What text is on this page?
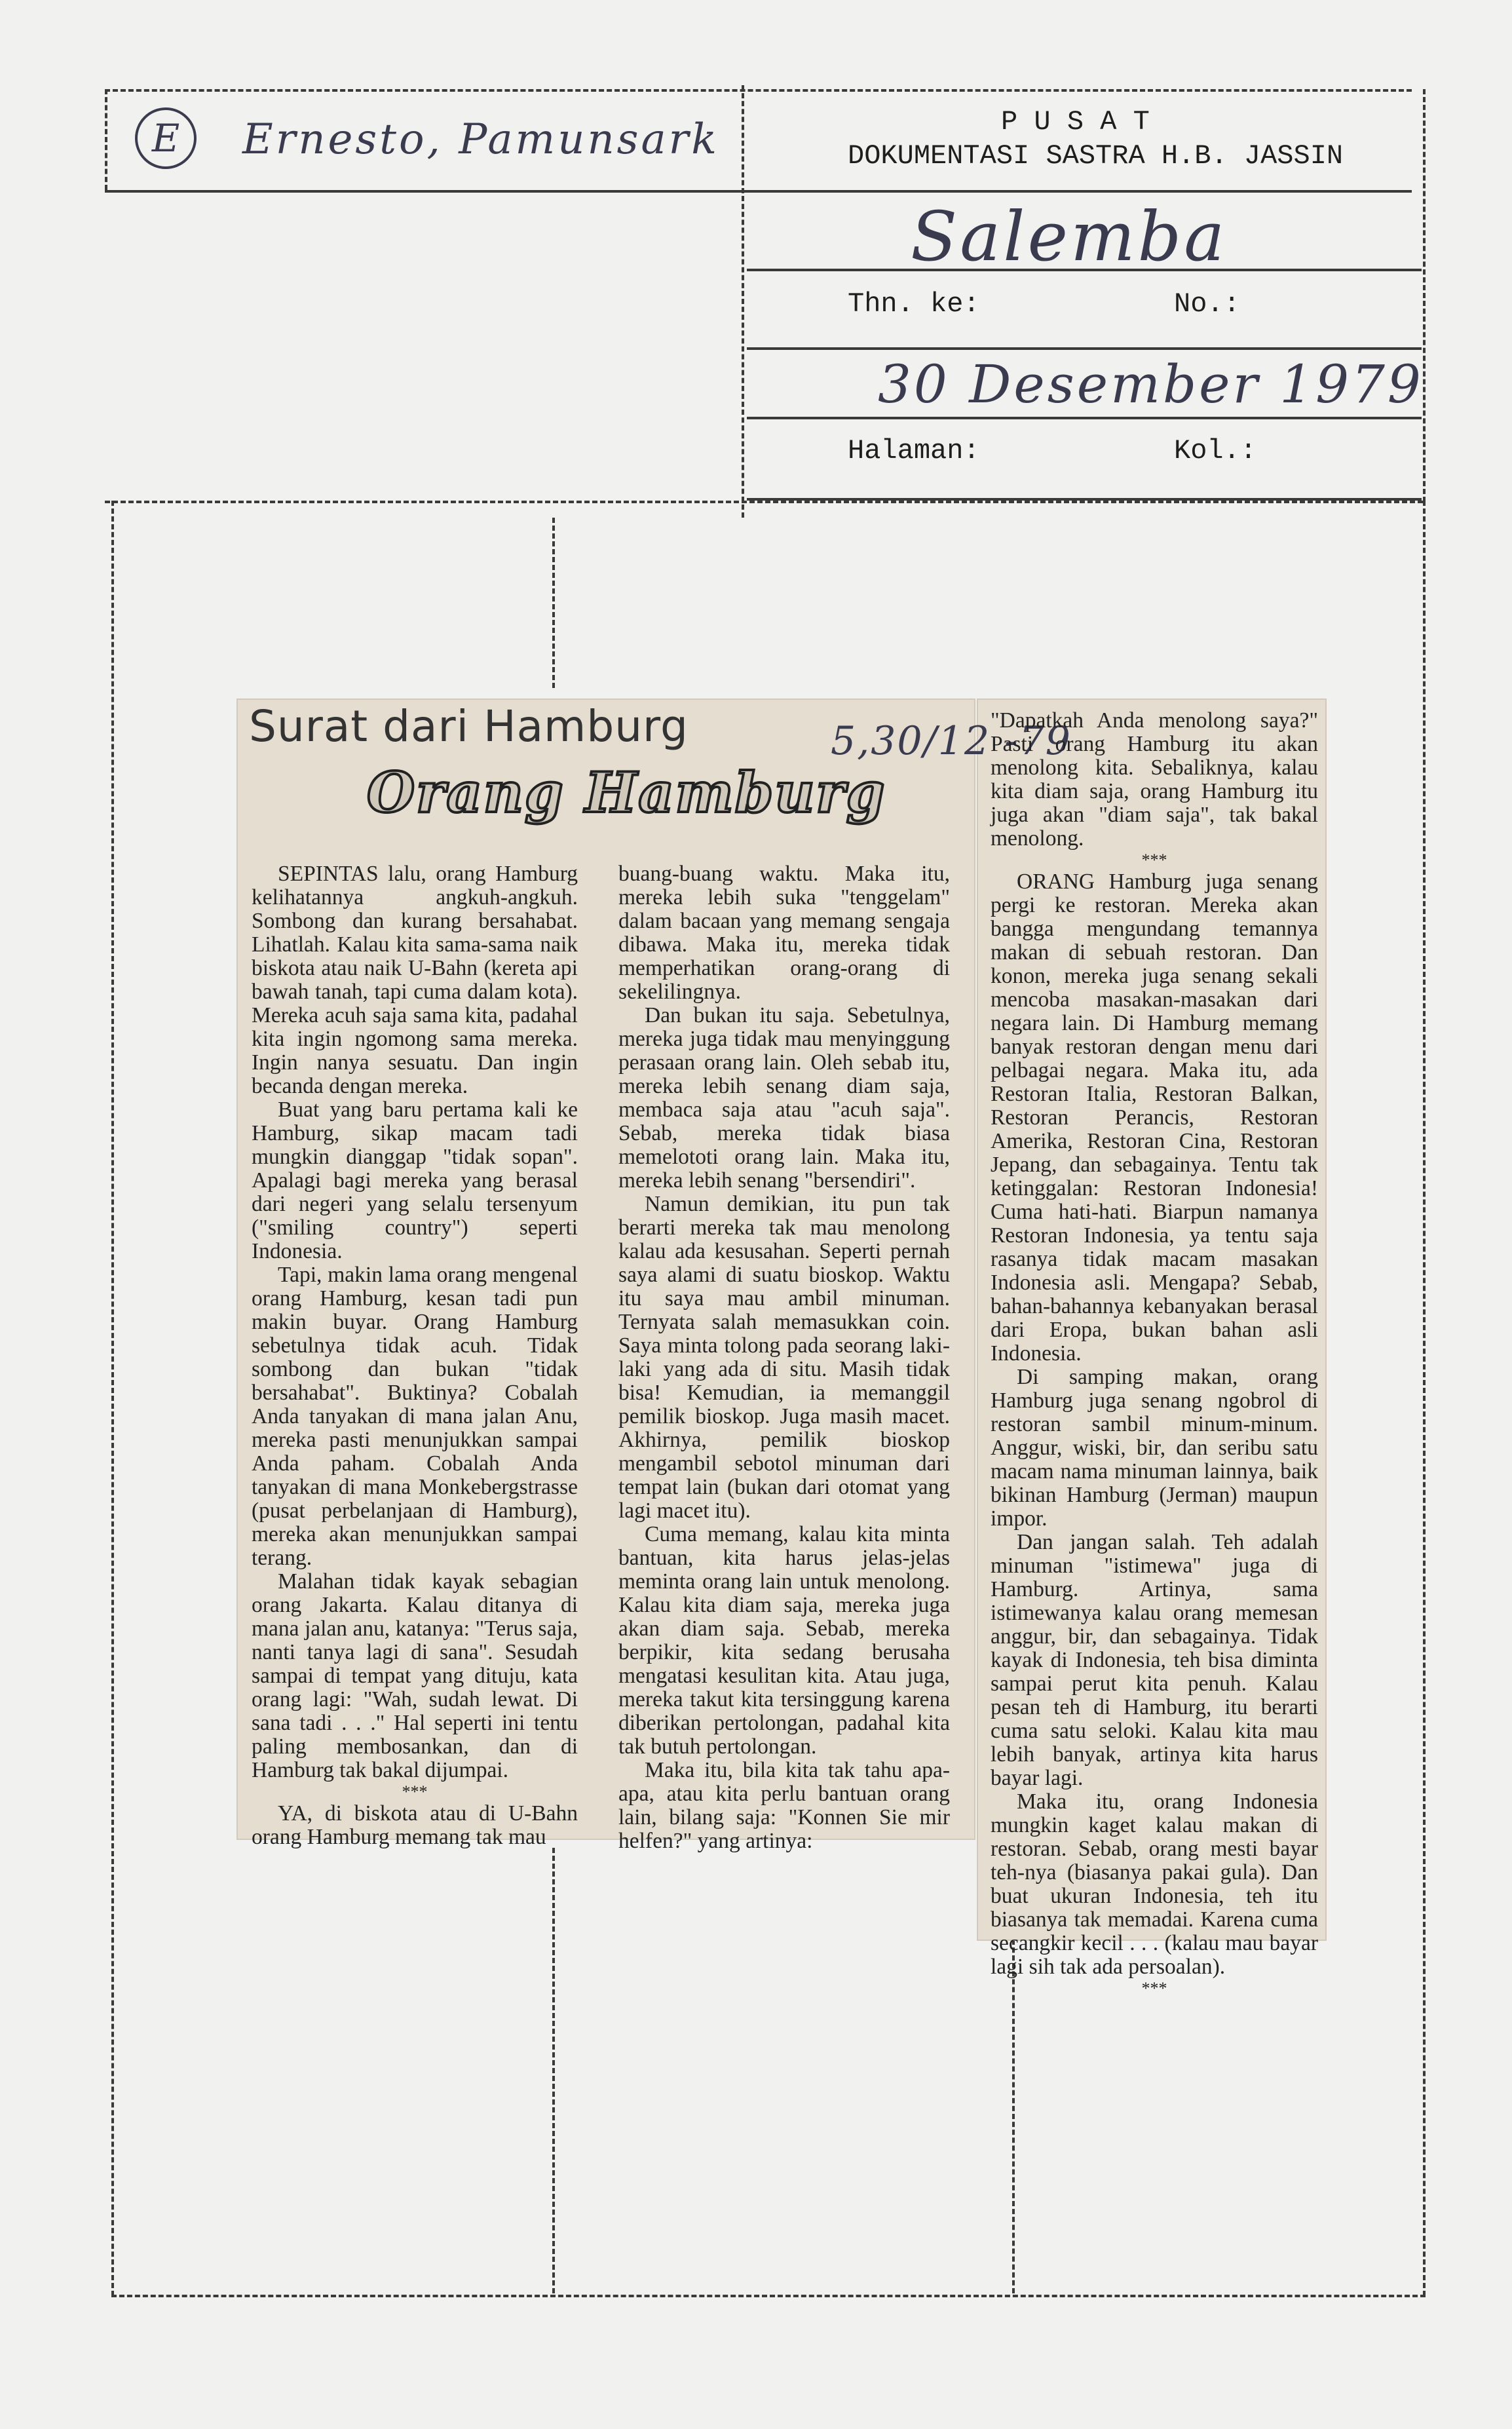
E	Ernesto, Pamunsark	P U S A T
DOKUMENTASI SASTRA H.B. JASSIN
Salemba
Thn. ke:	No.:
30 Desember 1979
Halaman:	Kol.:
Surat dari Hamburg
Orang Hamburg
5,30/12 -79

SEPINTAS lalu, orang Hamburg kelihatannya angkuh-angkuh. Sombong dan kurang bersahabat. Lihatlah. Kalau kita sama-sama naik biskota atau naik U-Bahn (kereta api bawah tanah, tapi cuma dalam kota). Mereka acuh saja sama kita, padahal kita ingin ngomong sama mereka. Ingin nanya sesuatu. Dan ingin becanda dengan mereka.

Buat yang baru pertama kali ke Hamburg, sikap macam tadi mungkin dianggap "tidak sopan". Apalagi bagi mereka yang berasal dari negeri yang selalu tersenyum ("smiling country") seperti Indonesia.

Tapi, makin lama orang mengenal orang Hamburg, kesan tadi pun makin buyar. Orang Hamburg sebetulnya tidak acuh. Tidak sombong dan bukan "tidak bersahabat". Buktinya? Cobalah Anda tanyakan di mana jalan Anu, mereka pasti menunjukkan sampai Anda paham. Cobalah Anda tanyakan di mana Monkebergstrasse (pusat perbelanjaan di Hamburg), mereka akan menunjukkan sampai terang.

Malahan tidak kayak sebagian orang Jakarta. Kalau ditanya di mana jalan anu, katanya: "Terus saja, nanti tanya lagi di sana". Sesudah sampai di tempat yang dituju, kata orang lagi: "Wah, sudah lewat. Di sana tadi . . ." Hal seperti ini tentu paling membosankan, dan di Hamburg tak bakal dijumpai.

***

YA, di biskota atau di U-Bahn orang Hamburg memang tak mau

buang-buang waktu. Maka itu, mereka lebih suka "tenggelam" dalam bacaan yang memang sengaja dibawa. Maka itu, mereka tidak memperhatikan orang-orang di sekelilingnya.

Dan bukan itu saja. Sebetulnya, mereka juga tidak mau menyinggung perasaan orang lain. Oleh sebab itu, mereka lebih senang diam saja, membaca saja atau "acuh saja". Sebab, mereka tidak biasa memelototi orang lain. Maka itu, mereka lebih senang "bersendiri".

Namun demikian, itu pun tak berarti mereka tak mau menolong kalau ada kesusahan. Seperti pernah saya alami di suatu bioskop. Waktu itu saya mau ambil minuman. Ternyata salah memasukkan coin. Saya minta tolong pada seorang laki-laki yang ada di situ. Masih tidak bisa! Kemudian, ia memanggil pemilik bioskop. Juga masih macet. Akhirnya, pemilik bioskop mengambil sebotol minuman dari tempat lain (bukan dari otomat yang lagi macet itu).

Cuma memang, kalau kita minta bantuan, kita harus jelas-jelas meminta orang lain untuk menolong. Kalau kita diam saja, mereka juga akan diam saja. Sebab, mereka berpikir, kita sedang berusaha mengatasi kesulitan kita. Atau juga, mereka takut kita tersinggung karena diberikan pertolongan, padahal kita tak butuh pertolongan.

Maka itu, bila kita tak tahu apa-apa, atau kita perlu bantuan orang lain, bilang saja: "Konnen Sie mir helfen?" yang artinya:

"Dapatkah Anda menolong saya?" Pasti orang Hamburg itu akan menolong kita. Sebaliknya, kalau kita diam saja, orang Hamburg itu juga akan "diam saja", tak bakal menolong.

***

ORANG Hamburg juga senang pergi ke restoran. Mereka akan bangga mengundang temannya makan di sebuah restoran. Dan konon, mereka juga senang sekali mencoba masakan-masakan dari negara lain. Di Hamburg memang banyak restoran dengan menu dari pelbagai negara. Maka itu, ada Restoran Italia, Restoran Balkan, Restoran Perancis, Restoran Amerika, Restoran Cina, Restoran Jepang, dan sebagainya. Tentu tak ketinggalan: Restoran Indonesia! Cuma hati-hati. Biarpun namanya Restoran Indonesia, ya tentu saja rasanya tidak macam masakan Indonesia asli. Mengapa? Sebab, bahan-bahannya kebanyakan berasal dari Eropa, bukan bahan asli Indonesia.

Di samping makan, orang Hamburg juga senang ngobrol di restoran sambil minum-minum. Anggur, wiski, bir, dan seribu satu macam nama minuman lainnya, baik bikinan Hamburg (Jerman) maupun impor.

Dan jangan salah. Teh adalah minuman "istimewa" juga di Hamburg. Artinya, sama istimewanya kalau orang memesan anggur, bir, dan sebagainya. Tidak kayak di Indonesia, teh bisa diminta sampai perut kita penuh. Kalau pesan teh di Hamburg, itu berarti cuma satu seloki. Kalau kita mau lebih banyak, artinya kita harus bayar lagi.

Maka itu, orang Indonesia mungkin kaget kalau makan di restoran. Sebab, orang mesti bayar teh-nya (biasanya pakai gula). Dan buat ukuran Indonesia, teh itu biasanya tak memadai. Karena cuma secangkir kecil . . . (kalau mau bayar lagi sih tak ada persoalan).

***
